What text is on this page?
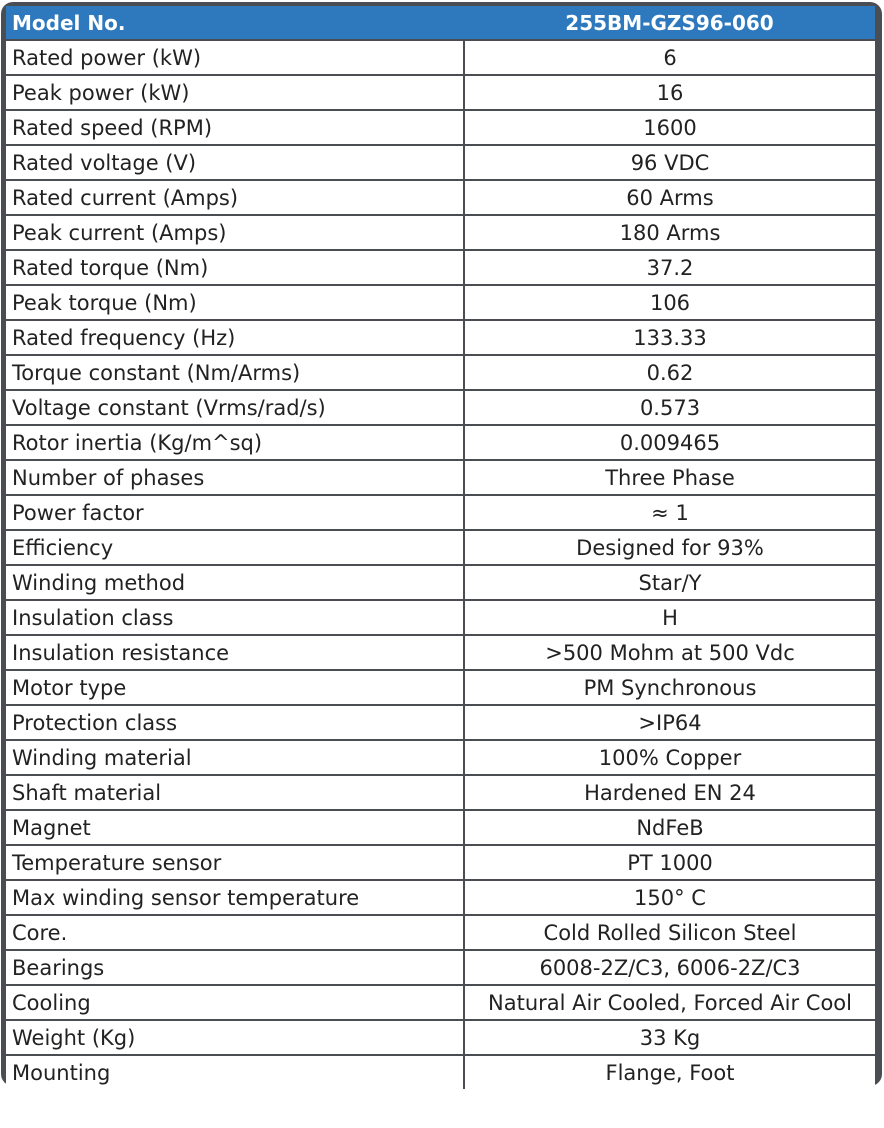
Model No.	255BM-GZS96-060
Rated power (kW)	6
Peak power (kW)	16
Rated speed (RPM)	1600
Rated voltage (V)	96 VDC
Rated current (Amps)	60 Arms
Peak current (Amps)	180 Arms
Rated torque (Nm)	37.2
Peak torque (Nm)	106
Rated frequency (Hz)	133.33
Torque constant (Nm/Arms)	0.62
Voltage constant (Vrms/rad/s)	0.573
Rotor inertia (Kg/m^sq)	0.009465
Number of phases	Three Phase
Power factor	≈ 1
Efficiency	Designed for 93%
Winding method	Star/Y
Insulation class	H
Insulation resistance	>500 Mohm at 500 Vdc
Motor type	PM Synchronous
Protection class	>IP64
Winding material	100% Copper
Shaft material	Hardened EN 24
Magnet	NdFeB
Temperature sensor	PT 1000
Max winding sensor temperature	150° C
Core.	Cold Rolled Silicon Steel
Bearings	6008-2Z/C3, 6006-2Z/C3
Cooling	Natural Air Cooled, Forced Air Cool
Weight (Kg)	33 Kg
Mounting	Flange, Foot
